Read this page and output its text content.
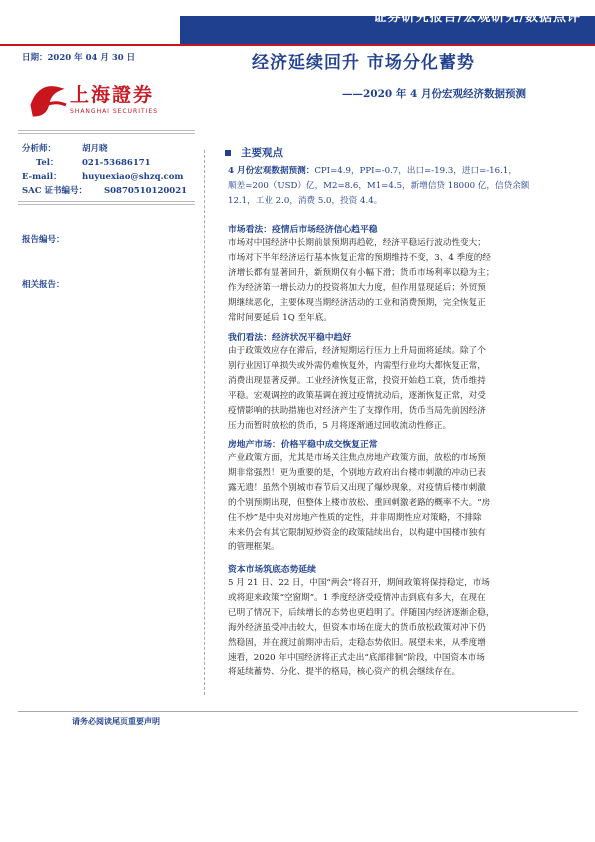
证券研究报告/宏观研究/数据点评
日期：2020 年 04 月 30 日	经济延续回升 市场分化蓄势
——2020 年 4 月份宏观经济数据预测
上海證券
SHANGHAI SECURITIES
分析师：	胡月晓
Tel：	021-53686171
E-mail： huyuexiao@shzq.com
SAC 证书编号： S0870510120021
报告编号：
相关报告：
主要观点
4 月份宏观数据预测：CPI=4.9，PPI=-0.7，出口=-19.3，进口=-16.1，
顺差=200（USD）亿，M2=8.6，M1=4.5，新增信贷 18000 亿，信贷余额
12.1，工业 2.0，消费 5.0，投资 4.4。
市场看法：疫情后市场经济信心趋平稳
市场对中国经济中长期前景预期再趋乾，经济平稳运行波动性变大；
市场对下半年经济运行基本恢复正常的预期维持不变，3、4 季度的经
济增长都有显著回升，新预期仅有小幅下滑；货币市场利率以稳为主；
作为经济第一增长动力的投资将加大力度，但作用显现延后；外贸预
期继续恶化，主要体现当期经济活动的工业和消费预期，完全恢复正
常时间要延后 1Q 至年底。
我们看法：经济状况平稳中趋好
由于政策效应存在滞后，经济短期运行压力上升局面将延续。除了个
别行业因订单损失或外需仍难恢复外，内需型行业均大都恢复正常，
消费出现显著反弹。工业经济恢复正常，投资开始趋工衰，货币维持
平稳。宏观调控的政策基调在渡过疫情扰动后，逐渐恢复正常，对受
疫情影响的扶助措施也对经济产生了支撑作用，货币当局先前因经济
压力而暂时放松的货币，5 月将逐渐通过回收流动性修正。
房地产市场：价格平稳中成交恢复正常
产业政策方面，尤其是市场关注焦点房地产政策方面，放松的市场预
期非常强烈！更为重要的是，个别地方政府出台楼市刺激的冲动已表
露无遗！虽然个别城市春节后又出现了爆炒现象，对疫情后楼市刺激
的个别预期出现，但整体上楼市放松、重回刺激老路的概率不大。“房
住不炒”是中央对房地产性质的定性，并非周期性应对策略，不排除
未来仍会有其它限制短炒资金的政策陆续出台，以构建中国楼市独有
的管理框架。
资本市场筑底态势延续
5 月 21 日、22 日，中国“两会”将召开，期间政策将保持稳定，市场
或将迎来政策“空窗期”。1 季度经济受疫情冲击到底有多大，在现在
已明了情况下，后续增长的态势也更趋明了。伴随国内经济逐渐企稳，
海外经济虽受冲击较大，但资本市场在庞大的货币放松政策对冲下仍
然稳固，并在渡过前期冲击后，走稳态势依旧。展望未来，从季度增
速看，2020 年中国经济将正式走出“底部徘徊”阶段，中国资本市场
将延续蓄势、分化、提半的格局，核心资产的机会继续存在。
请务必阅读尾页重要声明
